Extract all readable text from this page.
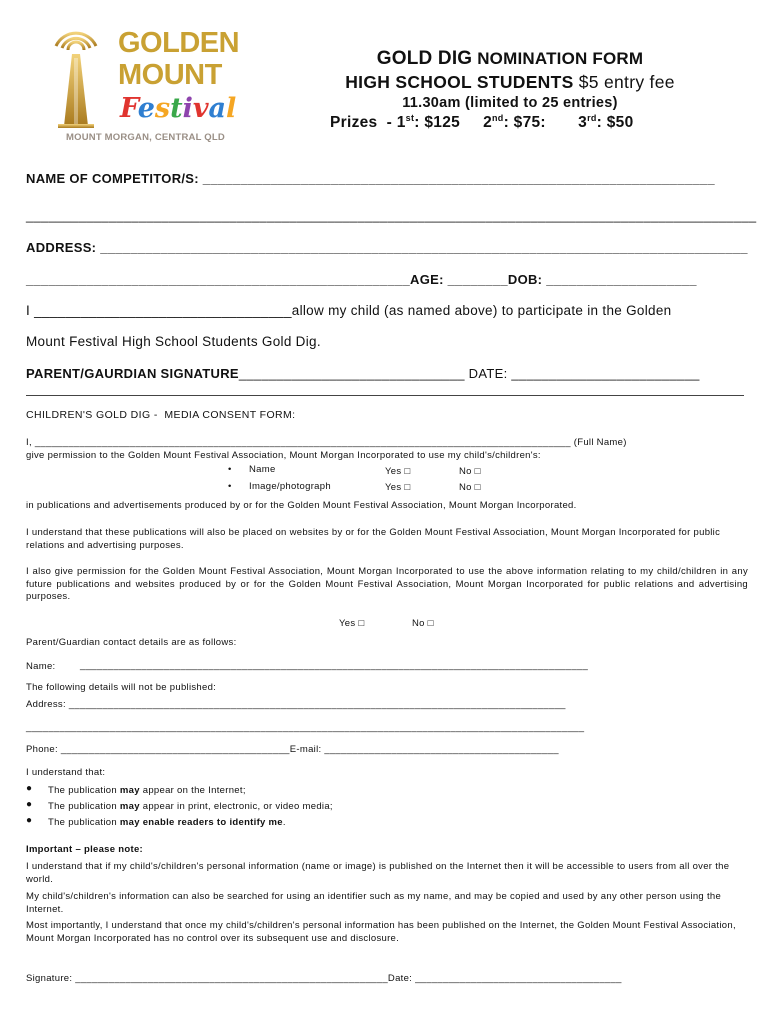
GOLDEN
MOUNT
Festival
MOUNT MORGAN, CENTRAL QLD
GOLD DIG NOMINATION FORM
HIGH SCHOOL STUDENTS $5 entry fee
11.30am (limited to 25 entries)
Prizes  - 1st: $125     2nd: $75:       3rd: $50
NAME OF COMPETITOR/S: ____________________________________________________________________
_________________________________________________________________________________________________
ADDRESS: ______________________________________________________________________________________
___________________________________________________AGE: ________DOB: ____________________
I _________________________________allow my child (as named above) to participate in the Golden
Mount Festival High School Students Gold Dig.
PARENT/GAURDIAN SIGNATURE______________________________ DATE: _________________________
CHILDREN'S GOLD DIG -  MEDIA CONSENT FORM:
I, ________________________________________________________________________________________________ (Full Name)
give permission to the Golden Mount Festival Association, Mount Morgan Incorporated to use my child's/children's:
• Name	Yes □	No □
• Image/photograph	Yes □	No □
in publications and advertisements produced by or for the Golden Mount Festival Association, Mount Morgan Incorporated.
I understand that these publications will also be placed on websites by or for the Golden Mount Festival Association, Mount Morgan Incorporated for public relations and advertising purposes.
I also give permission for the Golden Mount Festival Association, Mount Morgan Incorporated to use the above information relating to my child/children in any future publications and websites produced by or for the Golden Mount Festival Association, Mount Morgan Incorporated for public relations and advertising purposes.
Yes □	No □
Parent/Guardian contact details are as follows:
Name:	___________________________________________________________________________________________
The following details will not be published:
Address: _________________________________________________________________________________________
____________________________________________________________________________________________________
Phone: _________________________________________E-mail: __________________________________________
I understand that:
● The publication may appear on the Internet;
● The publication may appear in print, electronic, or video media;
● The publication may enable readers to identify me.
Important – please note:
I understand that if my child's/children's personal information (name or image) is published on the Internet then it will be accessible to users from all over the world.
My child's/children's information can also be searched for using an identifier such as my name, and may be copied and used by any other person using the Internet.
Most importantly, I understand that once my child's/children's personal information has been published on the Internet, the Golden Mount Festival Association, Mount Morgan Incorporated has no control over its subsequent use and disclosure.
Signature: ________________________________________________________Date: _____________________________________
